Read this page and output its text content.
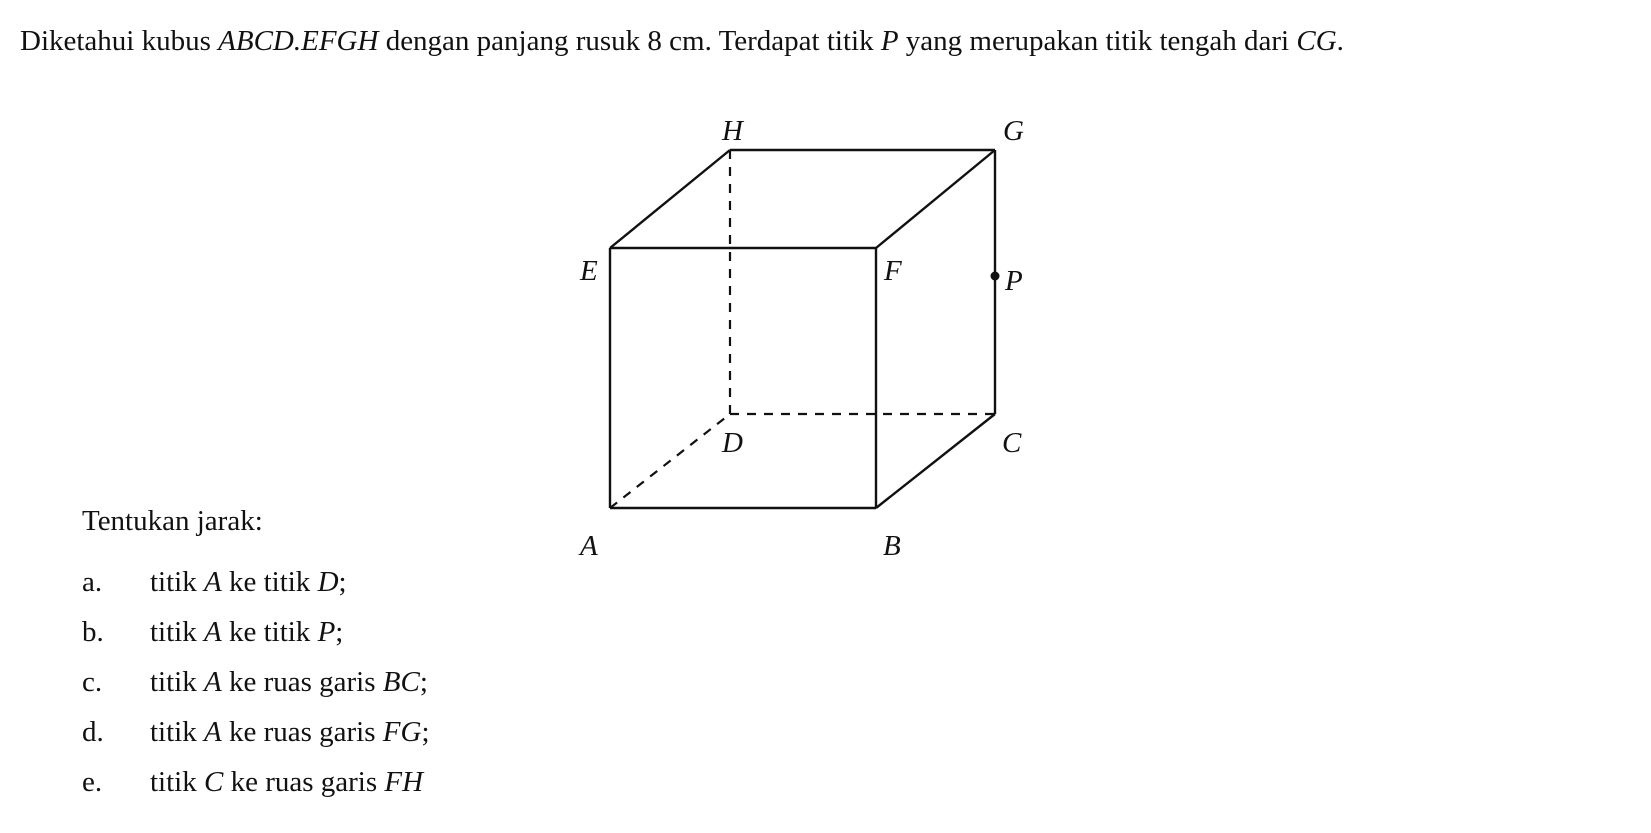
Diketahui kubus ABCD.EFGH dengan panjang rusuk 8 cm. Terdapat titik P yang merupakan titik tengah dari CG.

H	G
E	F	P
D	C
A	B

Tentukan jarak:

a.	titik A ke titik D;
b.	titik A ke titik P;
c.	titik A ke ruas garis BC;
d.	titik A ke ruas garis FG;
e.	titik C ke ruas garis FH
